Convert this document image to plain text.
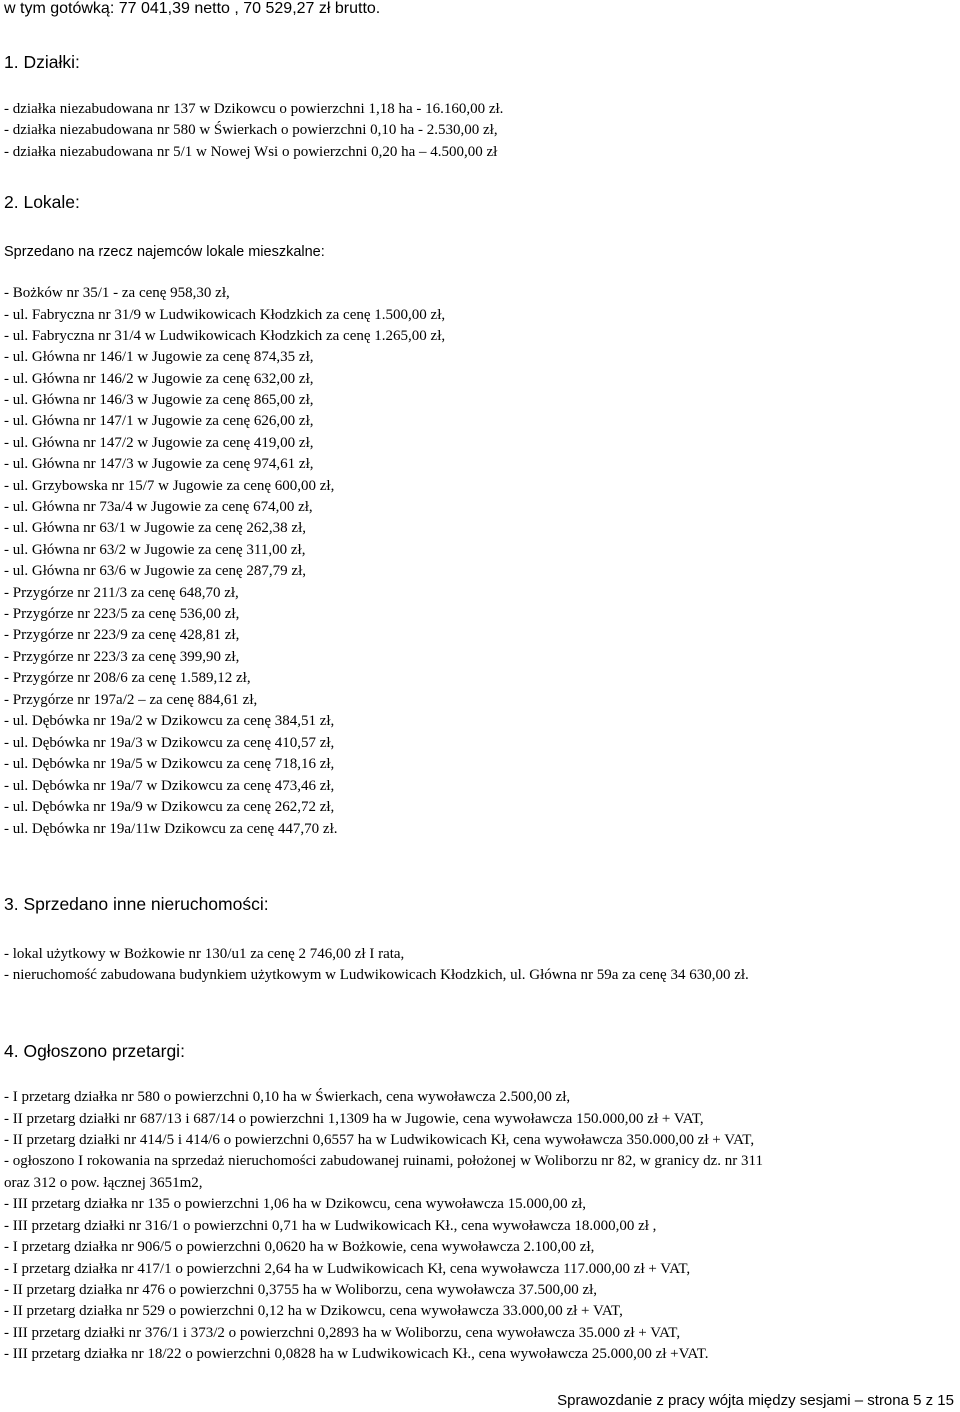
w tym gotówką: 77 041,39 netto , 70 529,27 zł brutto.
1. Działki:
- działka niezabudowana nr 137 w Dzikowcu o powierzchni 1,18 ha - 16.160,00 zł.
- działka niezabudowana nr 580 w Świerkach o powierzchni 0,10 ha - 2.530,00 zł,
- działka niezabudowana nr 5/1 w Nowej Wsi o powierzchni 0,20 ha – 4.500,00 zł
2. Lokale:
Sprzedano na rzecz najemców lokale mieszkalne:
- Bożków nr 35/1 - za cenę 958,30 zł,
- ul. Fabryczna nr 31/9 w Ludwikowicach Kłodzkich za cenę 1.500,00 zł,
- ul. Fabryczna nr 31/4 w Ludwikowicach Kłodzkich za cenę 1.265,00 zł,
- ul. Główna nr 146/1 w Jugowie za cenę 874,35 zł,
- ul. Główna nr 146/2 w Jugowie za cenę 632,00 zł,
- ul. Główna nr 146/3 w Jugowie za cenę 865,00 zł,
- ul. Główna nr 147/1 w Jugowie za cenę 626,00 zł,
- ul. Główna nr 147/2 w Jugowie za cenę 419,00 zł,
- ul. Główna nr 147/3 w Jugowie za cenę 974,61 zł,
- ul. Grzybowska nr 15/7 w Jugowie za cenę 600,00 zł,
- ul. Główna nr 73a/4 w Jugowie za cenę 674,00 zł,
- ul. Główna nr 63/1 w Jugowie za cenę 262,38 zł,
- ul. Główna nr 63/2 w Jugowie za cenę 311,00 zł,
- ul. Główna nr 63/6 w Jugowie za cenę 287,79 zł,
- Przygórze nr 211/3 za cenę 648,70 zł,
- Przygórze nr 223/5 za cenę 536,00 zł,
- Przygórze nr 223/9 za cenę 428,81 zł,
- Przygórze nr 223/3 za cenę 399,90 zł,
- Przygórze nr 208/6 za cenę 1.589,12 zł,
- Przygórze nr 197a/2 – za cenę 884,61 zł,
- ul. Dębówka nr 19a/2 w Dzikowcu za cenę 384,51 zł,
- ul. Dębówka nr 19a/3 w Dzikowcu za cenę 410,57 zł,
- ul. Dębówka nr 19a/5 w Dzikowcu za cenę 718,16 zł,
- ul. Dębówka nr 19a/7 w Dzikowcu za cenę 473,46 zł,
- ul. Dębówka nr 19a/9 w Dzikowcu za cenę 262,72 zł,
- ul. Dębówka nr 19a/11w Dzikowcu za cenę 447,70 zł.
3. Sprzedano inne nieruchomości:
- lokal użytkowy w Bożkowie nr 130/u1 za cenę 2 746,00 zł I rata,
- nieruchomość zabudowana budynkiem użytkowym w Ludwikowicach Kłodzkich, ul. Główna nr 59a za cenę 34 630,00 zł.
4. Ogłoszono przetargi:
- I przetarg działka nr 580 o powierzchni 0,10 ha w Świerkach, cena wywoławcza 2.500,00 zł,
- II przetarg działki nr 687/13 i 687/14 o powierzchni 1,1309 ha w Jugowie, cena wywoławcza 150.000,00 zł + VAT,
- II przetarg działki nr 414/5 i 414/6 o powierzchni 0,6557 ha w Ludwikowicach Kł, cena wywoławcza 350.000,00 zł + VAT,
- ogłoszono I rokowania na sprzedaż nieruchomości zabudowanej ruinami, położonej w Woliborzu nr 82, w granicy dz. nr 311
oraz 312 o pow. łącznej 3651m2,
- III przetarg działka nr 135 o powierzchni 1,06 ha w Dzikowcu, cena wywoławcza 15.000,00 zł,
- III przetarg działki nr 316/1 o powierzchni 0,71 ha w Ludwikowicach Kł., cena wywoławcza 18.000,00 zł ,
- I przetarg działka nr 906/5 o powierzchni 0,0620 ha w Bożkowie, cena wywoławcza 2.100,00 zł,
- I przetarg działka nr 417/1 o powierzchni 2,64 ha w Ludwikowicach Kł, cena wywoławcza 117.000,00 zł + VAT,
- II przetarg działka nr 476 o powierzchni 0,3755 ha w Woliborzu, cena wywoławcza 37.500,00 zł,
- II przetarg działka nr 529 o powierzchni 0,12 ha w Dzikowcu, cena wywoławcza 33.000,00 zł + VAT,
- III przetarg działki nr 376/1 i 373/2 o powierzchni 0,2893 ha w Woliborzu, cena wywoławcza 35.000 zł + VAT,
- III przetarg działka nr 18/22 o powierzchni 0,0828 ha w Ludwikowicach Kł., cena wywoławcza 25.000,00 zł +VAT.
Sprawozdanie z pracy wójta między sesjami – strona 5 z 15
